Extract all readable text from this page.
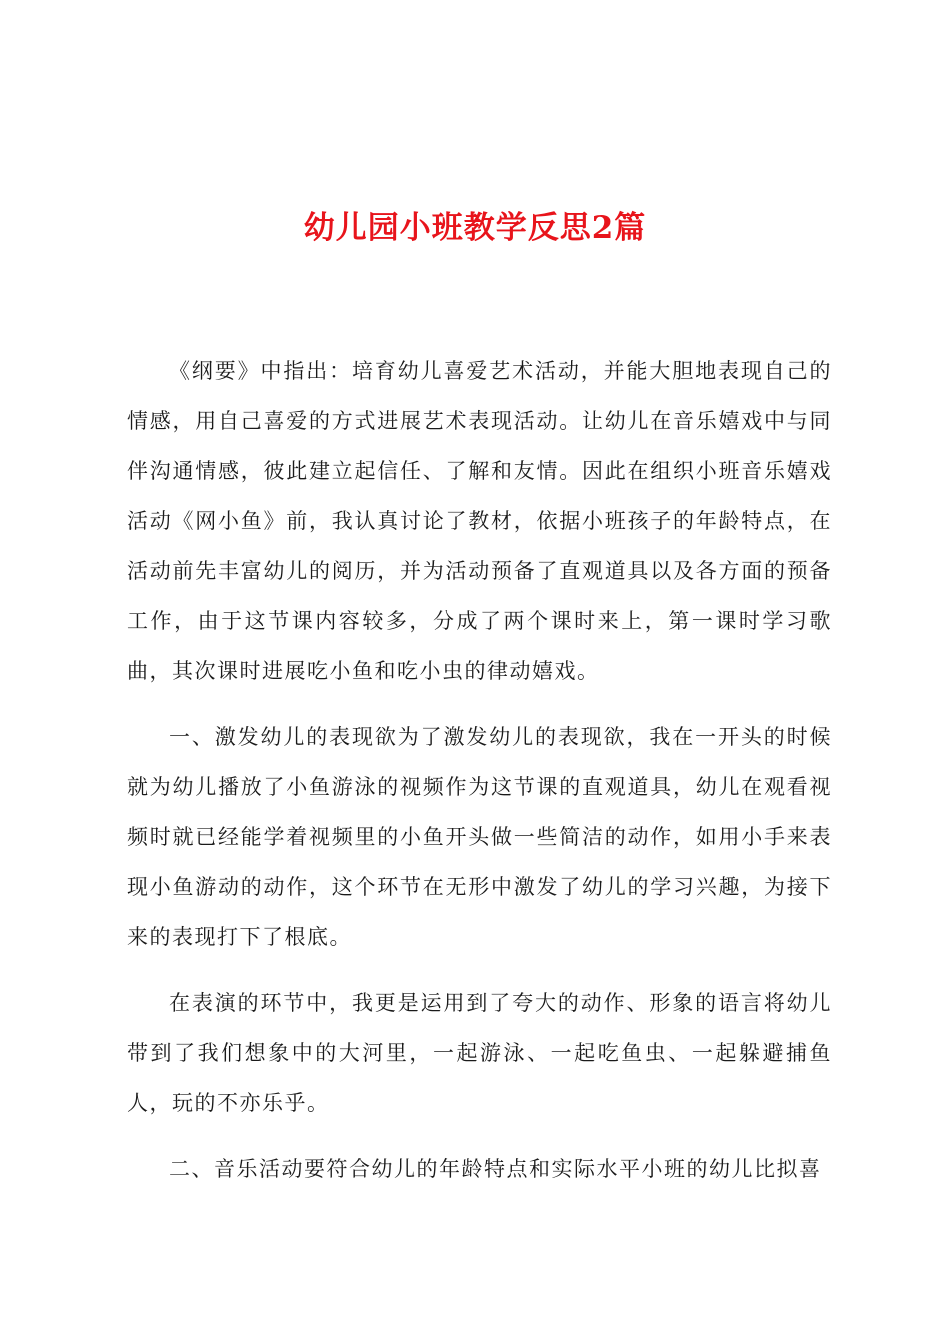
幼儿园小班教学反思2篇

《纲要》中指出：培育幼儿喜爱艺术活动，并能大胆地表现自己的情感，用自己喜爱的方式进展艺术表现活动。让幼儿在音乐嬉戏中与同伴沟通情感，彼此建立起信任、了解和友情。因此在组织小班音乐嬉戏活动《网小鱼》前，我认真讨论了教材，依据小班孩子的年龄特点，在活动前先丰富幼儿的阅历，并为活动预备了直观道具以及各方面的预备工作，由于这节课内容较多，分成了两个课时来上，第一课时学习歌曲，其次课时进展吃小鱼和吃小虫的律动嬉戏。

一、激发幼儿的表现欲为了激发幼儿的表现欲，我在一开头的时候就为幼儿播放了小鱼游泳的视频作为这节课的直观道具，幼儿在观看视频时就已经能学着视频里的小鱼开头做一些简洁的动作，如用小手来表现小鱼游动的动作，这个环节在无形中激发了幼儿的学习兴趣，为接下来的表现打下了根底。

在表演的环节中，我更是运用到了夸大的动作、形象的语言将幼儿带到了我们想象中的大河里，一起游泳、一起吃鱼虫、一起躲避捕鱼人，玩的不亦乐乎。

二、音乐活动要符合幼儿的年龄特点和实际水平小班的幼儿比拟喜
